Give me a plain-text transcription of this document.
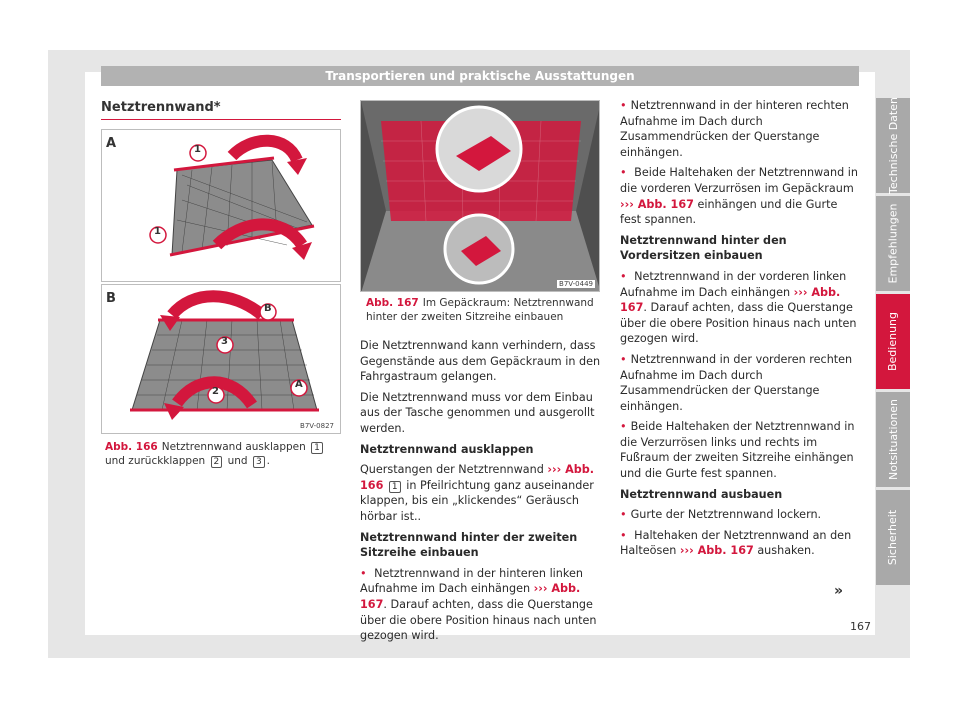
Transportieren und praktische Ausstattungen
Technische Daten
Empfehlungen
Bedienung
Notsituationen
Sicherheit
Netztrennwand*
A	1
1
B
B
3
2
A
B7V-0827
Abb. 166 Netztrennwand ausklappen 1 und zurückklappen 2 und 3 .
B7V-0449
Abb. 167 Im Gepäckraum: Netztrennwand hinter der zweiten Sitzreihe einbauen

Die Netztrennwand kann verhindern, dass Gegenstände aus dem Gepäckraum in den Fahrgastraum gelangen.

Die Netztrennwand muss vor dem Einbau aus der Tasche genommen und ausgerollt werden.

Netztrennwand ausklappen

Querstangen der Netztrennwand ››› Abb. 166 1 in Pfeilrichtung ganz auseinander klappen, bis ein „klickendes“ Geräusch hörbar ist..

Netztrennwand hinter der zweiten Sitzreihe einbauen

• Netztrennwand in der hinteren linken Aufnahme im Dach einhängen ››› Abb. 167. Darauf achten, dass die Querstange über die obere Position hinaus nach unten gezogen wird.

• Netztrennwand in der hinteren rechten Aufnahme im Dach durch Zusammendrücken der Querstange einhängen.

• Beide Haltehaken der Netztrennwand in die vorderen Verzurrösen im Gepäckraum ››› Abb. 167 einhängen und die Gurte fest spannen.

Netztrennwand hinter den Vordersitzen einbauen

• Netztrennwand in der vorderen linken Aufnahme im Dach einhängen ››› Abb. 167. Darauf achten, dass die Querstange über die obere Position hinaus nach unten gezogen wird.

• Netztrennwand in der vorderen rechten Aufnahme im Dach durch Zusammendrücken der Querstange einhängen.

• Beide Haltehaken der Netztrennwand in die Verzurrösen links und rechts im Fußraum der zweiten Sitzreihe einhängen und die Gurte fest spannen.

Netztrennwand ausbauen

• Gurte der Netztrennwand lockern.

• Haltehaken der Netztrennwand an den Halteösen ››› Abb. 167 aushaken.

»
167
